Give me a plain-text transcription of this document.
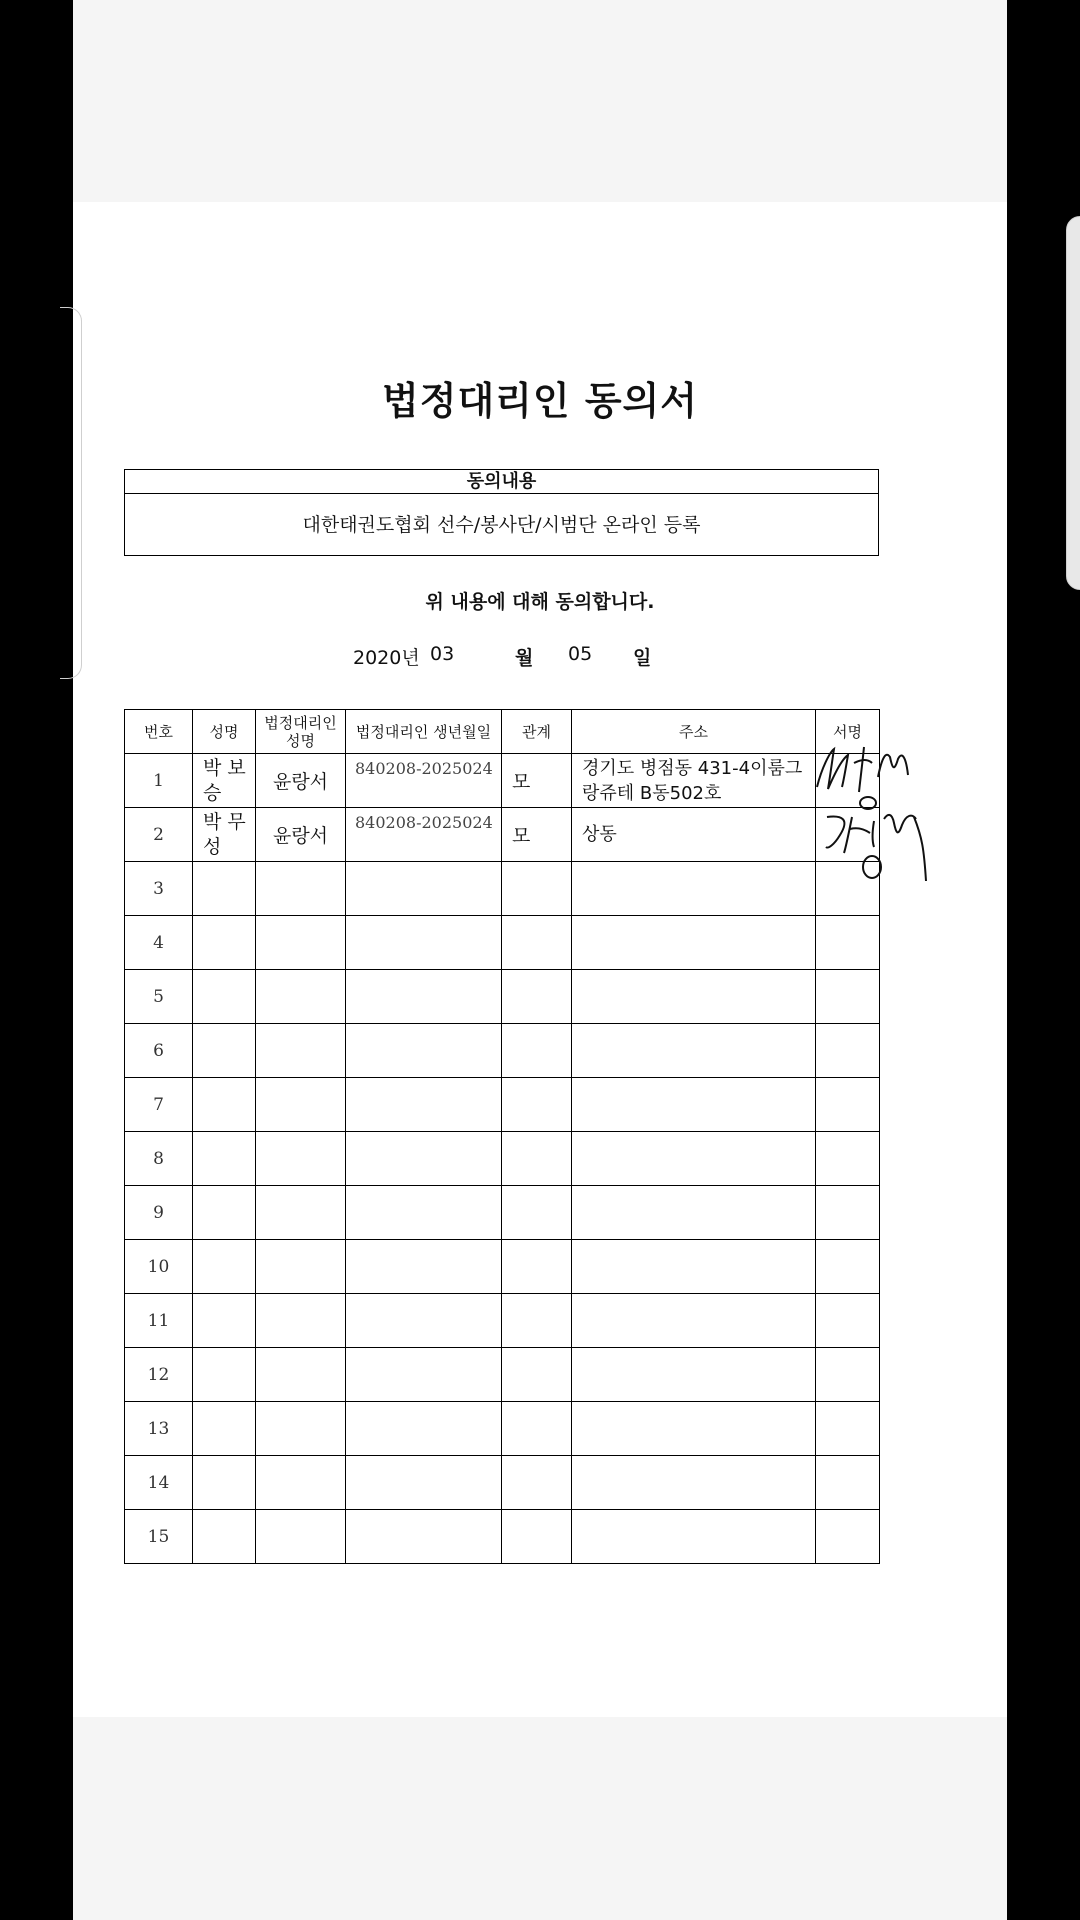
법정대리인 동의서
동의내용
대한태권도협회 선수/봉사단/시범단 온라인 등록
위 내용에 대해 동의합니다.
2020년 03	월 05 일
번호	성명	법정대리인 성명	법정대리인 생년월일	관계	주소	서명
1	박 보 승	윤랑서	840208-2025024	모	경기도 병점동 431-4이룸그랑쥬테 B동502호	
2	박 무 성	윤랑서	840208-2025024	모	상동	
3						
4						
5						
6						
7						
8						
9						
10						
11						
12						
13						
14						
15						
